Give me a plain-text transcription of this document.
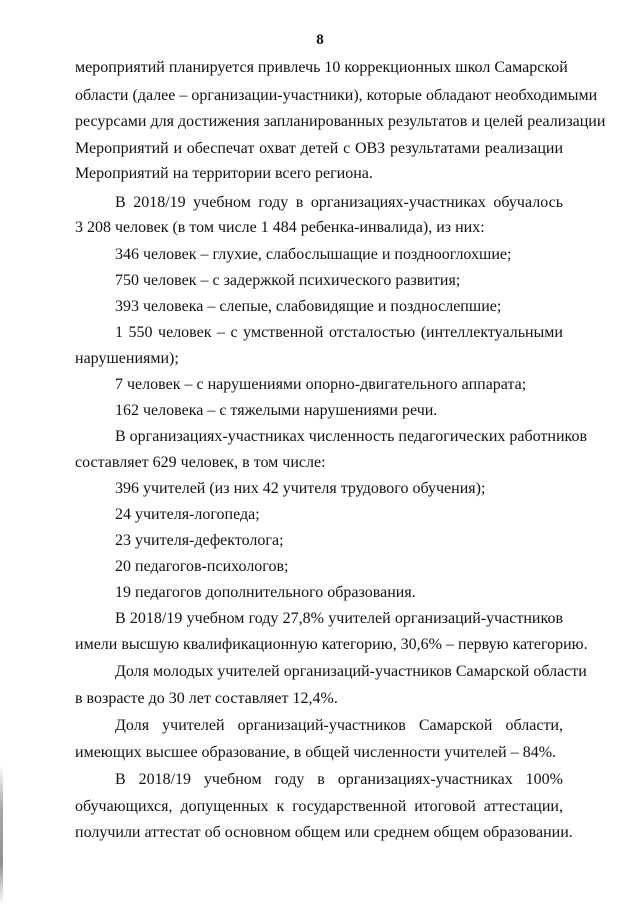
8
мероприятий планируется привлечь 10 коррекционных школ Самарской
области (далее – организации-участники), которые обладают необходимыми
ресурсами для достижения запланированных результатов и целей реализации
Мероприятий и обеспечат охват детей с ОВЗ результатами реализации
Мероприятий на территории всего региона.
В 2018/19 учебном году в организациях-участниках обучалось
3 208 человек (в том числе 1 484 ребенка-инвалида), из них:
346 человек – глухие, слабослышащие и позднооглохшие;
750 человек – с задержкой психического развития;
393 человека – слепые, слабовидящие и позднослепшие;
1 550 человек – с умственной отсталостью (интеллектуальными
нарушениями);
7 человек – с нарушениями опорно-двигательного аппарата;
162 человека – с тяжелыми нарушениями речи.
В организациях-участниках численность педагогических работников
составляет 629 человек, в том числе:
396 учителей (из них 42 учителя трудового обучения);
24 учителя-логопеда;
23 учителя-дефектолога;
20 педагогов-психологов;
19 педагогов дополнительного образования.
В 2018/19 учебном году 27,8% учителей организаций-участников
имели высшую квалификационную категорию, 30,6% – первую категорию.
Доля молодых учителей организаций-участников Самарской области
в возрасте до 30 лет составляет 12,4%.
Доля учителей организаций-участников Самарской области,
имеющих высшее образование, в общей численности учителей – 84%.
В 2018/19 учебном году в организациях-участниках 100%
обучающихся, допущенных к государственной итоговой аттестации,
получили аттестат об основном общем или среднем общем образовании.
